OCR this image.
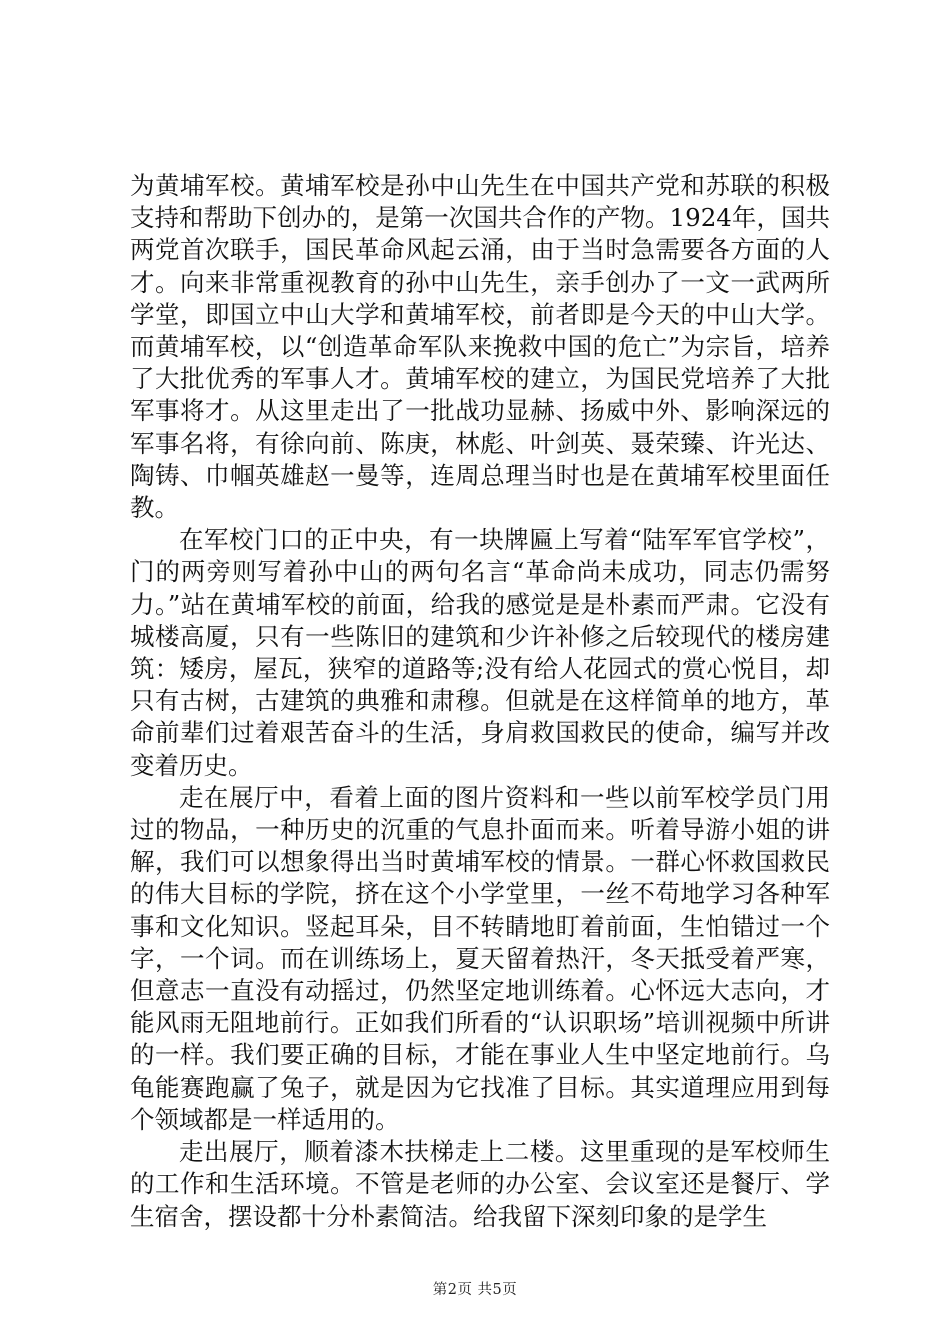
为黄埔军校。黄埔军校是孙中山先生在中国共产党和苏联的积极支持和帮助下创办的，是第一次国共合作的产物。1924年，国共两党首次联手，国民革命风起云涌，由于当时急需要各方面的人才。向来非常重视教育的孙中山先生，亲手创办了一文一武两所学堂，即国立中山大学和黄埔军校，前者即是今天的中山大学。而黄埔军校，以“创造革命军队来挽救中国的危亡”为宗旨，培养了大批优秀的军事人才。黄埔军校的建立，为国民党培养了大批军事将才。从这里走出了一批战功显赫、扬威中外、影响深远的军事名将，有徐向前、陈庚，林彪、叶剑英、聂荣臻、许光达、陶铸、巾帼英雄赵一曼等，连周总理当时也是在黄埔军校里面任教。

在军校门口的正中央，有一块牌匾上写着“陆军军官学校”，门的两旁则写着孙中山的两句名言“革命尚未成功，同志仍需努力。”站在黄埔军校的前面，给我的感觉是是朴素而严肃。它没有城楼高厦，只有一些陈旧的建筑和少许补修之后较现代的楼房建筑：矮房，屋瓦，狭窄的道路等;没有给人花园式的赏心悦目，却只有古树，古建筑的典雅和肃穆。但就是在这样简单的地方，革命前辈们过着艰苦奋斗的生活，身肩救国救民的使命，编写并改变着历史。

走在展厅中，看着上面的图片资料和一些以前军校学员门用过的物品，一种历史的沉重的气息扑面而来。听着导游小姐的讲解，我们可以想象得出当时黄埔军校的情景。一群心怀救国救民的伟大目标的学院，挤在这个小学堂里，一丝不苟地学习各种军事和文化知识。竖起耳朵，目不转睛地盯着前面，生怕错过一个字，一个词。而在训练场上，夏天留着热汗，冬天抵受着严寒，但意志一直没有动摇过，仍然坚定地训练着。心怀远大志向，才能风雨无阻地前行。正如我们所看的“认识职场”培训视频中所讲的一样。我们要正确的目标，才能在事业人生中坚定地前行。乌龟能赛跑赢了兔子，就是因为它找准了目标。其实道理应用到每个领域都是一样适用的。

走出展厅，顺着漆木扶梯走上二楼。这里重现的是军校师生的工作和生活环境。不管是老师的办公室、会议室还是餐厅、学生宿舍，摆设都十分朴素简洁。给我留下深刻印象的是学生

第2页 共5页
